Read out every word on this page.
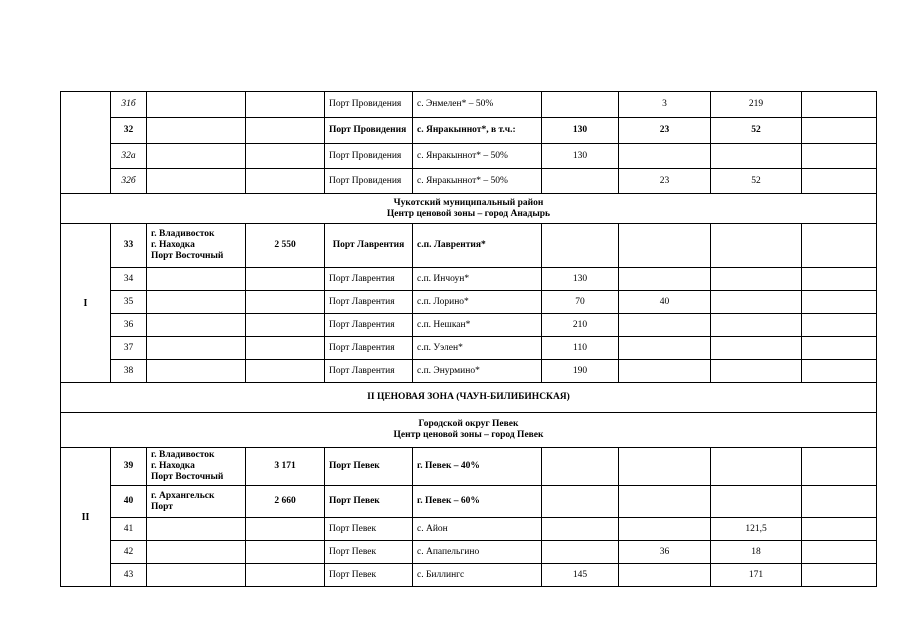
	31б			Порт Провидения	с. Энмелен* – 50%		3	219	
	32			Порт Провидения	с. Янракыннот*, в т.ч.:	130	23	52	
	32а			Порт Провидения	с. Янракыннот* – 50%	130			
	32б			Порт Провидения	с. Янракыннот* – 50%		23	52	

Чукотский муниципальный район
Центр ценовой зоны – город Анадырь									

I	33	г. Владивосток
г. Находка
Порт Восточный	2 550	Порт Лаврентия	с.п. Лаврентия*				
	34			Порт Лаврентия	с.п. Инчоун*	130			
	35			Порт Лаврентия	с.п. Лорино*	70	40		
	36			Порт Лаврентия	с.п. Нешкан*	210			
	37			Порт Лаврентия	с.п. Уэлен*	110			
	38			Порт Лаврентия	с.п. Энурмино*	190			
II ЦЕНОВАЯ ЗОНА (ЧАУН-БИЛИБИНСКАЯ)									

Городской округ Певек
Центр ценовой зоны – город Певек									

II	39	г. Владивосток
г. Находка
Порт Восточный	3 171	Порт Певек	г. Певек – 40%				
	40	г. Архангельск
Порт	2 660	Порт Певек	г. Певек – 60%				
	41			Порт Певек	с. Айон			121,5	
	42			Порт Певек	с. Апапельгино		36	18	
	43			Порт Певек	с. Биллингс	145		171	
